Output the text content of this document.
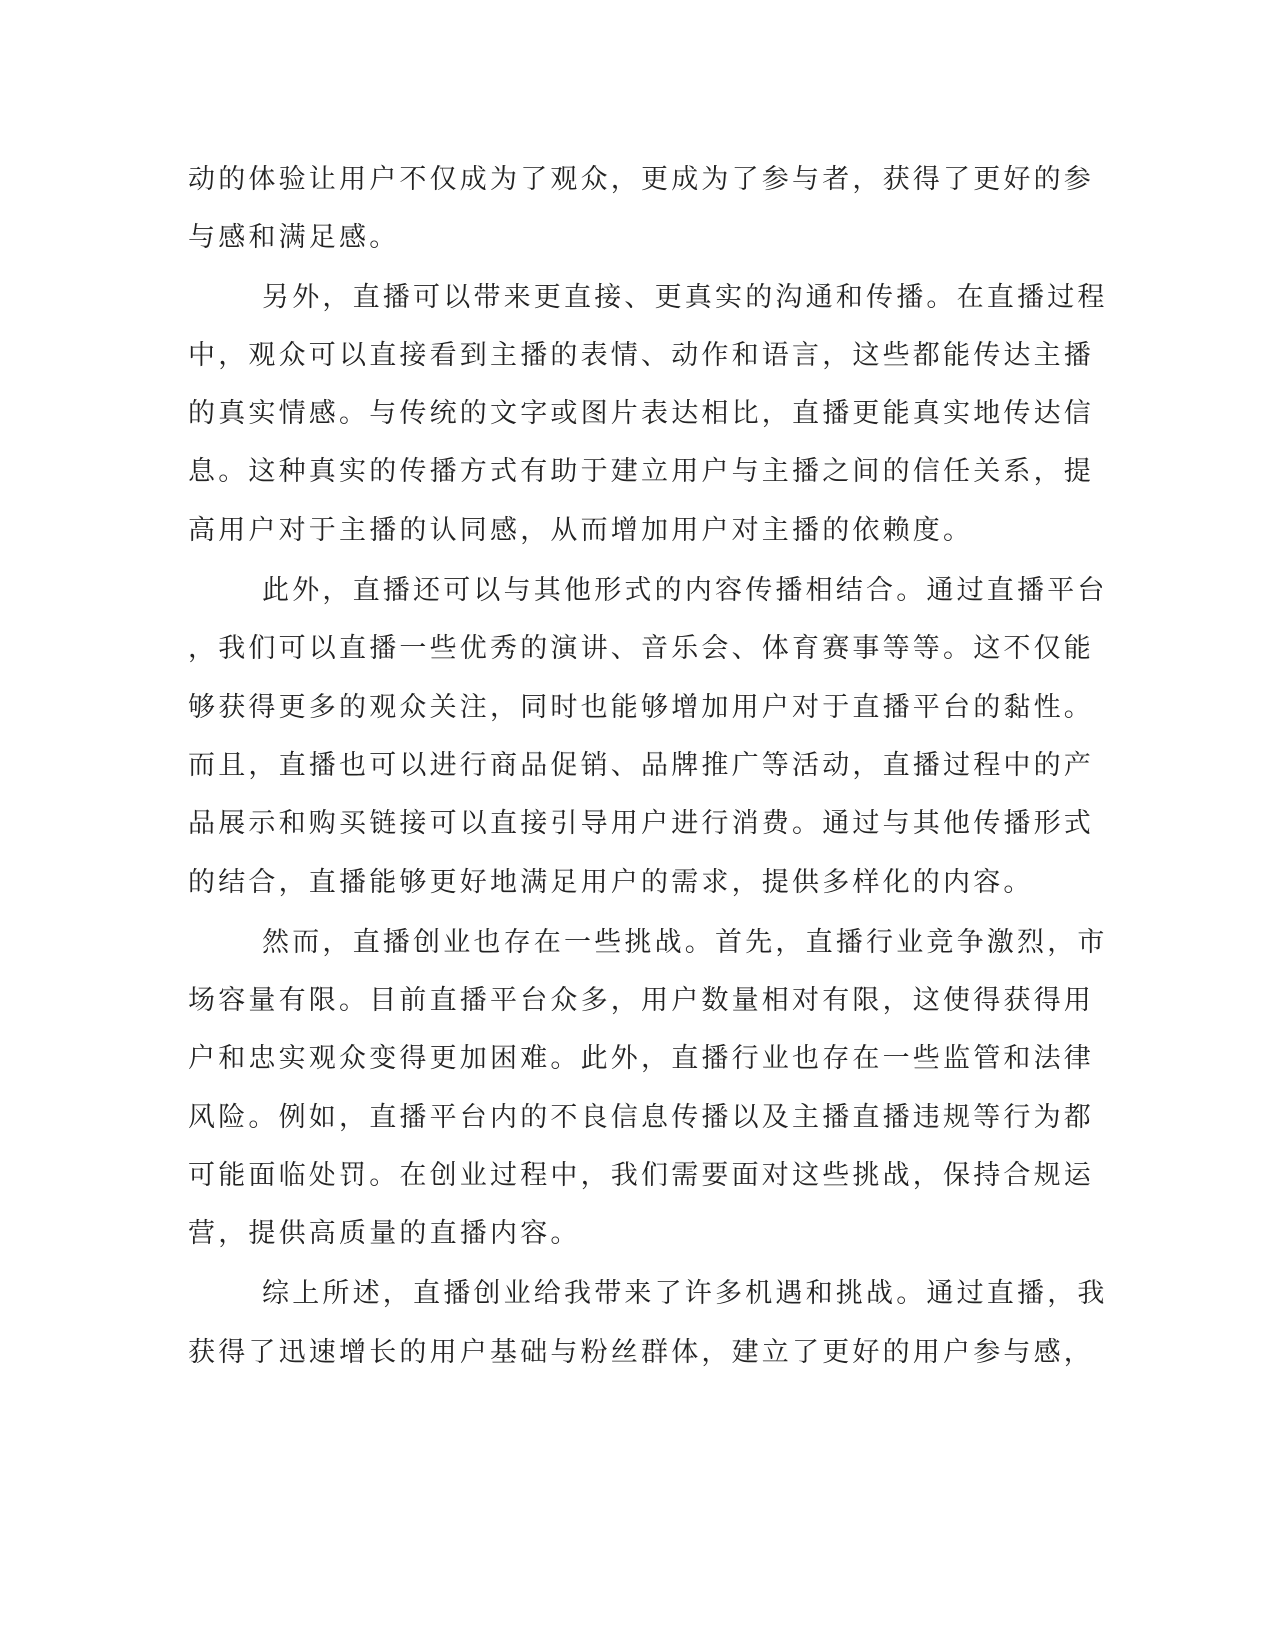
动的体验让用户不仅成为了观众，更成为了参与者，获得了更好的参

与感和满足感。

另外，直播可以带来更直接、更真实的沟通和传播。在直播过程

中，观众可以直接看到主播的表情、动作和语言，这些都能传达主播

的真实情感。与传统的文字或图片表达相比，直播更能真实地传达信

息。这种真实的传播方式有助于建立用户与主播之间的信任关系，提

高用户对于主播的认同感，从而增加用户对主播的依赖度。

此外，直播还可以与其他形式的内容传播相结合。通过直播平台

，我们可以直播一些优秀的演讲、音乐会、体育赛事等等。这不仅能

够获得更多的观众关注，同时也能够增加用户对于直播平台的黏性。

而且，直播也可以进行商品促销、品牌推广等活动，直播过程中的产

品展示和购买链接可以直接引导用户进行消费。通过与其他传播形式

的结合，直播能够更好地满足用户的需求，提供多样化的内容。

然而，直播创业也存在一些挑战。首先，直播行业竞争激烈，市

场容量有限。目前直播平台众多，用户数量相对有限，这使得获得用

户和忠实观众变得更加困难。此外，直播行业也存在一些监管和法律

风险。例如，直播平台内的不良信息传播以及主播直播违规等行为都

可能面临处罚。在创业过程中，我们需要面对这些挑战，保持合规运

营，提供高质量的直播内容。

综上所述，直播创业给我带来了许多机遇和挑战。通过直播，我

获得了迅速增长的用户基础与粉丝群体，建立了更好的用户参与感，
